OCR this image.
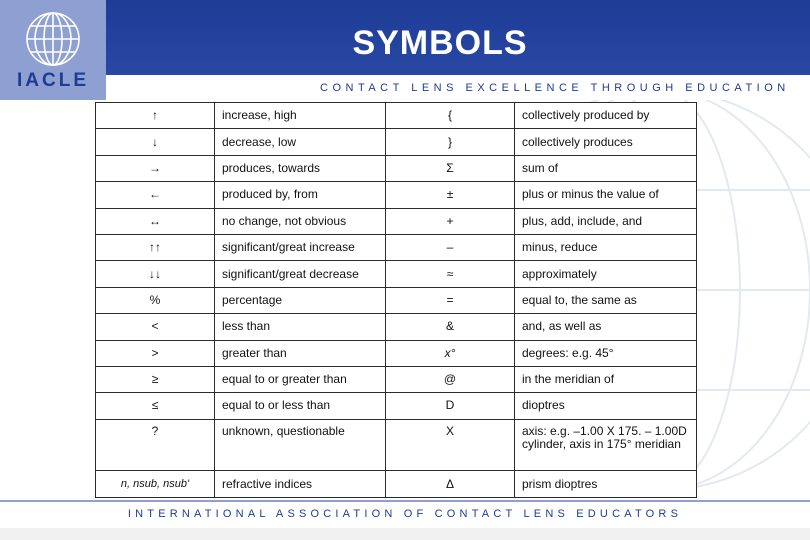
IACLE
SYMBOLS
CONTACT LENS EXCELLENCE THROUGH EDUCATION
↑	increase, high	{	collectively produced by
↓	decrease, low	}	collectively produces
→	produces, towards	Σ	sum of
←	produced by, from	±	plus or minus the value of
↔	no change, not obvious	+	plus, add, include, and
↑↑	significant/great increase	–	minus, reduce
↓↓	significant/great decrease	≈	approximately
%	percentage	=	equal to, the same as
<	less than	&	and, as well as
>	greater than	x°	degrees: e.g. 45°
≥	equal to or greater than	@	in the meridian of
≤	equal to or less than	D	dioptres
?	unknown, questionable	X	axis: e.g. –1.00 X 175. – 1.00D cylinder, axis in 175° meridian
n, nsub, nsub'	refractive indices	Δ	prism dioptres
INTERNATIONAL ASSOCIATION OF CONTACT LENS EDUCATORS
